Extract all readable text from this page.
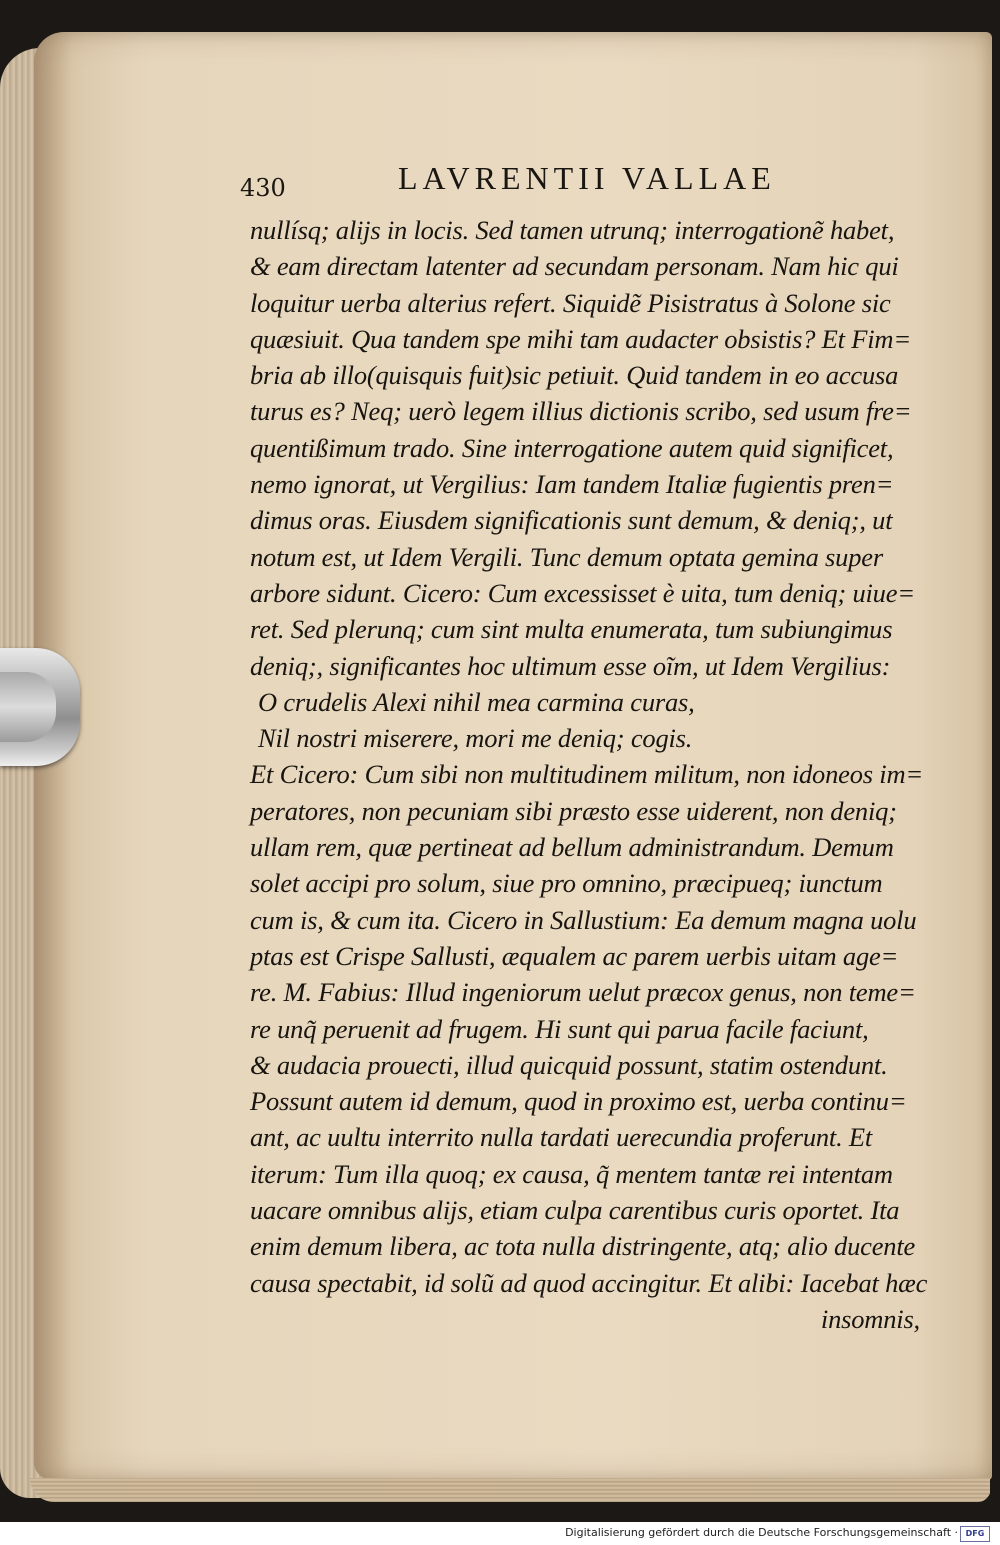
430	LAVRENTII VALLAE
nullísq; alijs in locis. Sed tamen utrunq; interrogationẽ habet,
& eam directam latenter ad secundam personam. Nam hic qui
loquitur uerba alterius refert. Siquidẽ Pisistratus à Solone sic
quæsiuit. Qua tandem spe mihi tam audacter obsistis? Et Fim=
bria ab illo(quisquis fuit)sic petiuit. Quid tandem in eo accusa
turus es? Neq; uerò legem illius dictionis scribo, sed usum fre=
quentißimum trado. Sine interrogatione autem quid significet,
nemo ignorat, ut Vergilius: Iam tandem Italiæ fugientis pren=
dimus oras. Eiusdem significationis sunt demum, & deniq;, ut
notum est, ut Idem Vergili. Tunc demum optata gemina super
arbore sidunt. Cicero: Cum excessisset è uita, tum deniq; uiue=
ret. Sed plerunq; cum sint multa enumerata, tum subiungimus
deniq;, significantes hoc ultimum esse oĩm, ut Idem Vergilius:
O crudelis Alexi nihil mea carmina curas,
Nil nostri miserere, mori me deniq; cogis.
Et Cicero: Cum sibi non multitudinem militum, non idoneos im=
peratores, non pecuniam sibi præsto esse uiderent, non deniq;
ullam rem, quæ pertineat ad bellum administrandum. Demum
solet accipi pro solum, siue pro omnino, præcipueq; iunctum
cum is, & cum ita. Cicero in Sallustium: Ea demum magna uolu
ptas est Crispe Sallusti, æqualem ac parem uerbis uitam age=
re. M. Fabius: Illud ingeniorum uelut præcox genus, non teme=
re unq̃ peruenit ad frugem. Hi sunt qui parua facile faciunt,
& audacia prouecti, illud quicquid possunt, statim ostendunt.
Possunt autem id demum, quod in proximo est, uerba continu=
ant, ac uultu interrito nulla tardati uerecundia proferunt. Et
iterum: Tum illa quoq; ex causa, q̃ mentem tantæ rei intentam
uacare omnibus alijs, etiam culpa carentibus curis oportet. Ita
enim demum libera, ac tota nulla distringente, atq; alio ducente
causa spectabit, id solũ ad quod accingitur. Et alibi: Iacebat hæc
insomnis,
Digitalisierung gefördert durch die Deutsche Forschungsgemeinschaft · DFG
